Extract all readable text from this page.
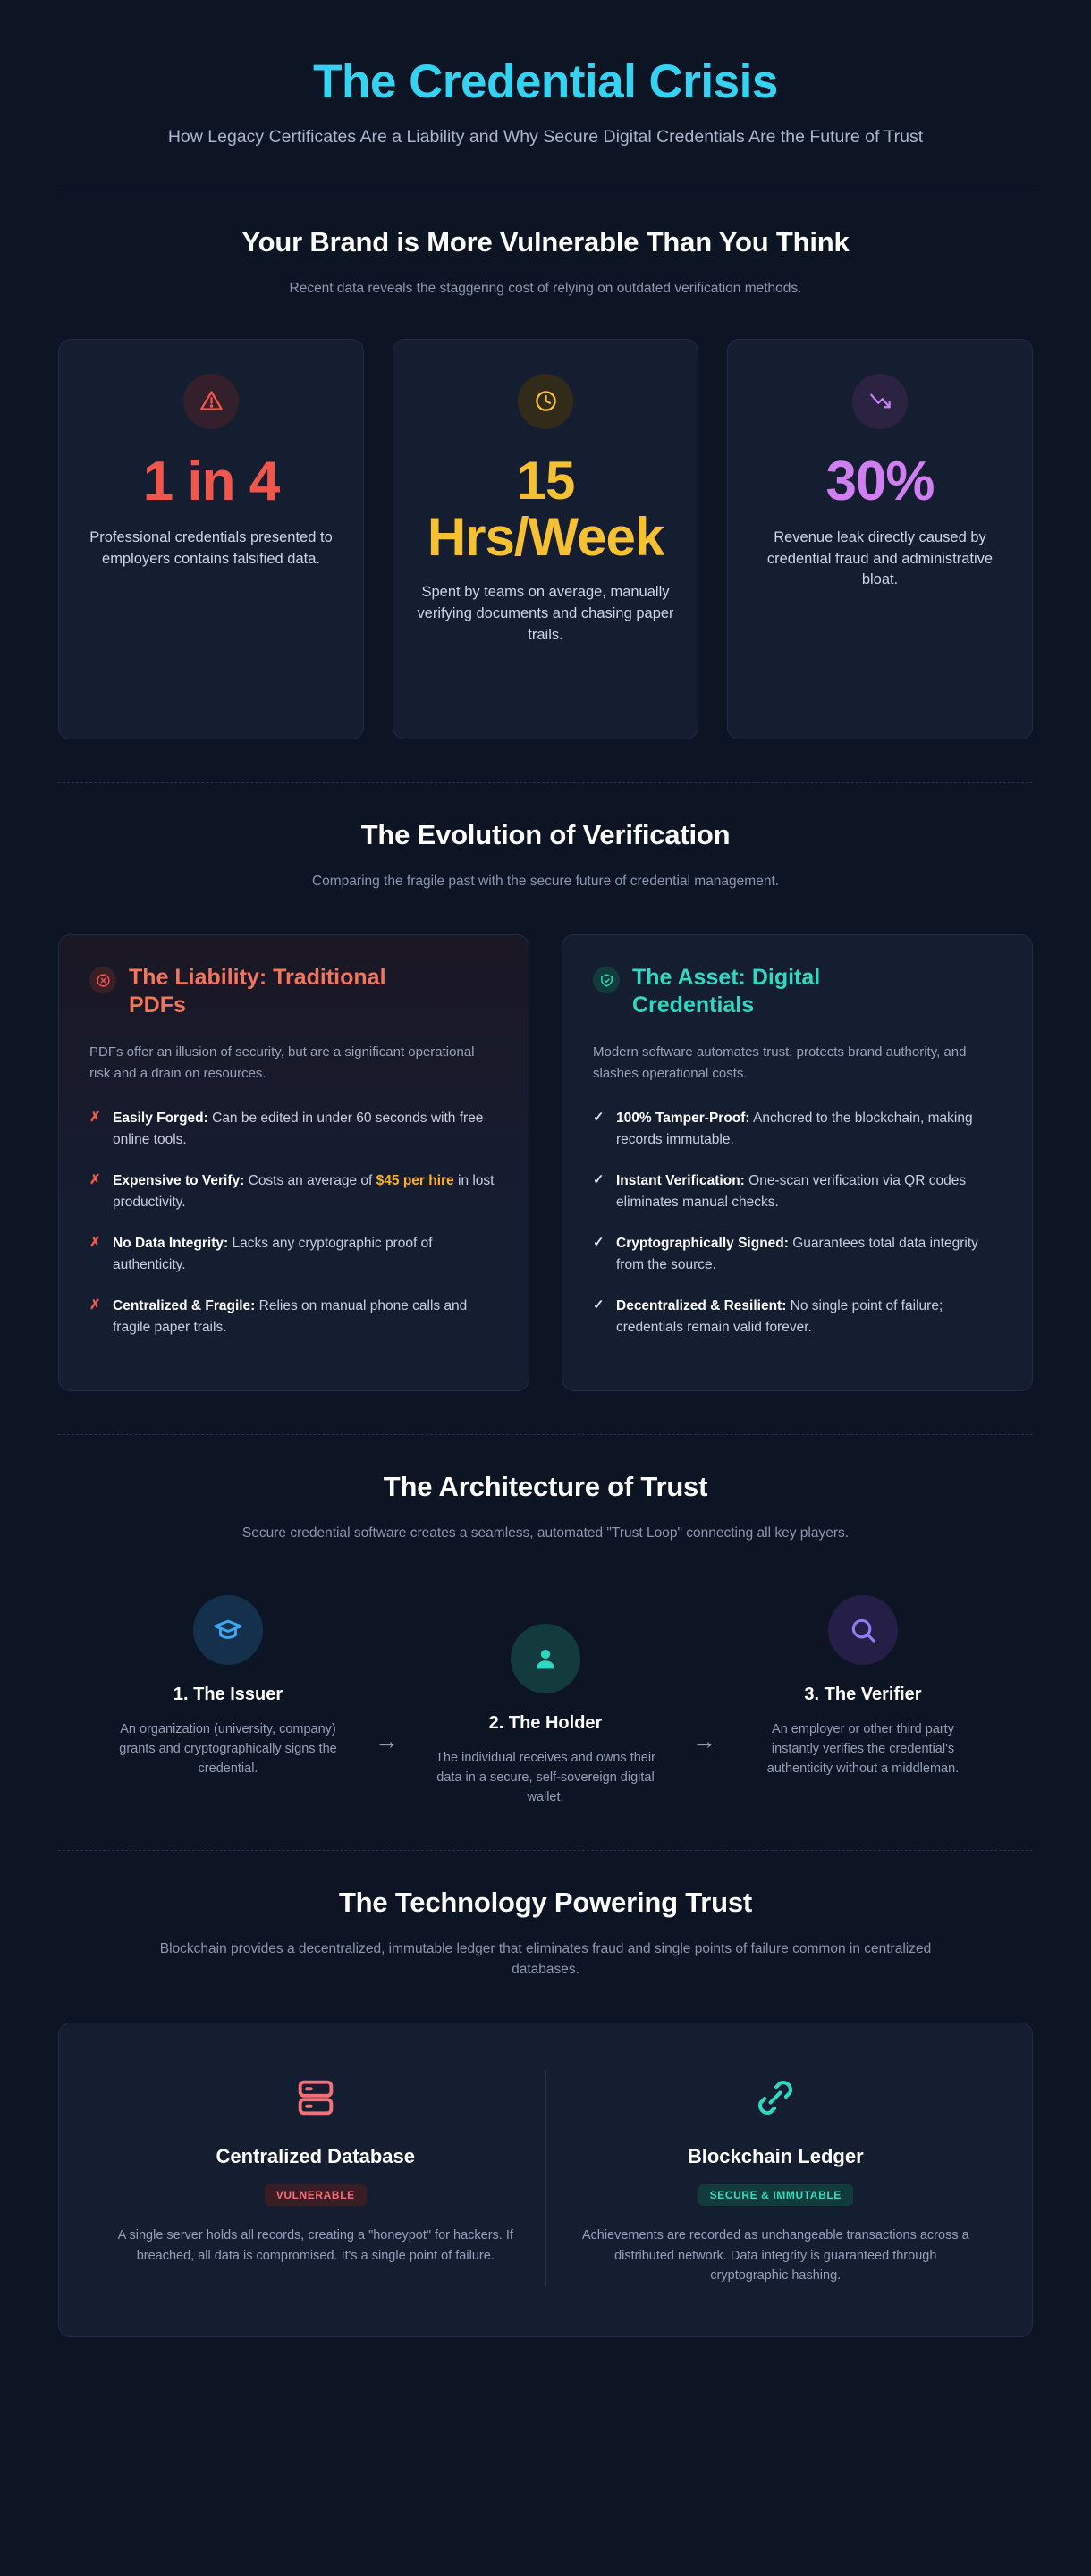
The Credential Crisis
How Legacy Certificates Are a Liability and Why Secure Digital Credentials Are the Future of Trust
Your Brand is More Vulnerable Than You Think
Recent data reveals the staggering cost of relying on outdated verification methods.
1 in 4
Professional credentials presented to employers contains falsified data.
15 Hrs/Week
Spent by teams on average, manually verifying documents and chasing paper trails.
30%
Revenue leak directly caused by credential fraud and administrative bloat.
The Evolution of Verification
Comparing the fragile past with the secure future of credential management.
The Liability: Traditional PDFs
PDFs offer an illusion of security, but are a significant operational risk and a drain on resources.
✗ Easily Forged: Can be edited in under 60 seconds with free online tools.
✗ Expensive to Verify: Costs an average of $45 per hire in lost productivity.
✗ No Data Integrity: Lacks any cryptographic proof of authenticity.
✗ Centralized & Fragile: Relies on manual phone calls and fragile paper trails.
The Asset: Digital Credentials
Modern software automates trust, protects brand authority, and slashes operational costs.
✓ 100% Tamper-Proof: Anchored to the blockchain, making records immutable.
✓ Instant Verification: One-scan verification via QR codes eliminates manual checks.
✓ Cryptographically Signed: Guarantees total data integrity from the source.
✓ Decentralized & Resilient: No single point of failure; credentials remain valid forever.
The Architecture of Trust
Secure credential software creates a seamless, automated "Trust Loop" connecting all key players.
1. The Issuer
An organization (university, company) grants and cryptographically signs the credential.
→
2. The Holder
The individual receives and owns their data in a secure, self-sovereign digital wallet.
→
3. The Verifier
An employer or other third party instantly verifies the credential's authenticity without a middleman.
The Technology Powering Trust
Blockchain provides a decentralized, immutable ledger that eliminates fraud and single points of failure common in centralized databases.
Centralized Database
VULNERABLE
A single server holds all records, creating a "honeypot" for hackers. If breached, all data is compromised. It's a single point of failure.
Blockchain Ledger
SECURE & IMMUTABLE
Achievements are recorded as unchangeable transactions across a distributed network. Data integrity is guaranteed through cryptographic hashing.
